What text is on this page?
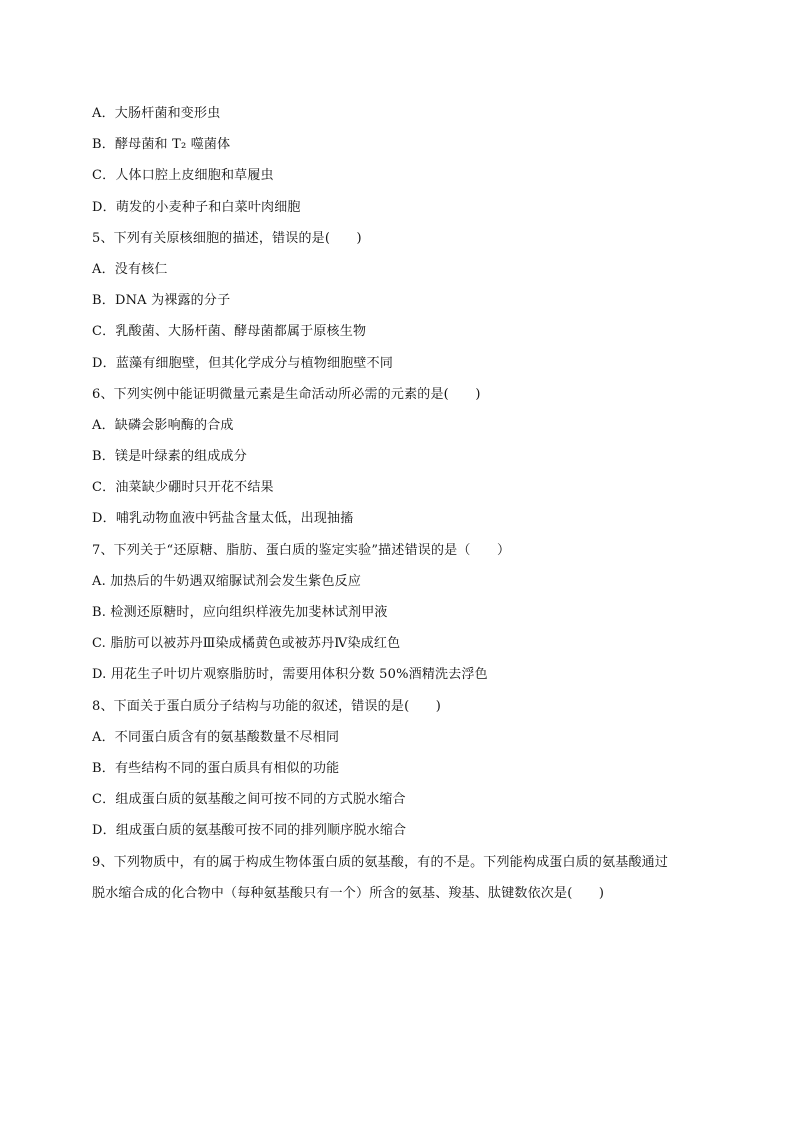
A．大肠杆菌和变形虫
B．酵母菌和 T₂ 噬菌体
C．人体口腔上皮细胞和草履虫
D．萌发的小麦种子和白菜叶肉细胞
5、下列有关原核细胞的描述，错误的是(　　)
A．没有核仁
B．DNA 为裸露的分子
C．乳酸菌、大肠杆菌、酵母菌都属于原核生物
D．蓝藻有细胞壁，但其化学成分与植物细胞壁不同
6、下列实例中能证明微量元素是生命活动所必需的元素的是(　　)
A．缺磷会影响酶的合成
B．镁是叶绿素的组成成分
C．油菜缺少硼时只开花不结果
D．哺乳动物血液中钙盐含量太低，出现抽搐
7、下列关于“还原糖、脂肪、蛋白质的鉴定实验”描述错误的是（　　）
A. 加热后的牛奶遇双缩脲试剂会发生紫色反应
B. 检测还原糖时，应向组织样液先加斐林试剂甲液
C. 脂肪可以被苏丹Ⅲ染成橘黄色或被苏丹Ⅳ染成红色
D. 用花生子叶切片观察脂肪时，需要用体积分数 50%酒精洗去浮色
8、下面关于蛋白质分子结构与功能的叙述，错误的是(　　)
A．不同蛋白质含有的氨基酸数量不尽相同
B．有些结构不同的蛋白质具有相似的功能
C．组成蛋白质的氨基酸之间可按不同的方式脱水缩合
D．组成蛋白质的氨基酸可按不同的排列顺序脱水缩合
9、下列物质中，有的属于构成生物体蛋白质的氨基酸，有的不是。下列能构成蛋白质的氨基酸通过
脱水缩合成的化合物中（每种氨基酸只有一个）所含的氨基、羧基、肽键数依次是(　　)
